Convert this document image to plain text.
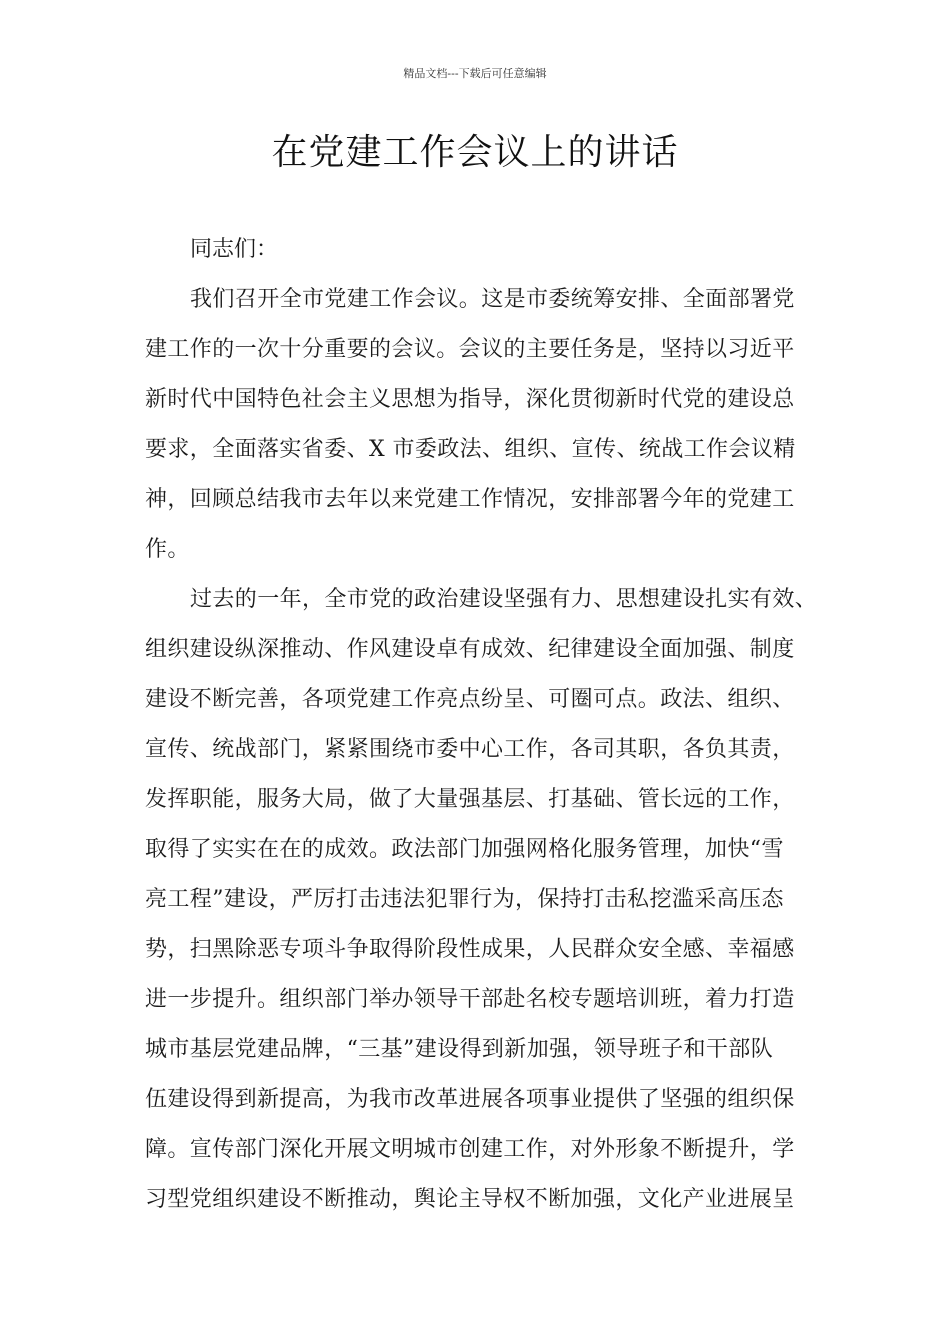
精品文档---下载后可任意编辑
在党建工作会议上的讲话
同志们：
我们召开全市党建工作会议。这是市委统筹安排、全面部署党
建工作的一次十分重要的会议。会议的主要任务是，坚持以习近平
新时代中国特色社会主义思想为指导，深化贯彻新时代党的建设总
要求，全面落实省委、X 市委政法、组织、宣传、统战工作会议精
神，回顾总结我市去年以来党建工作情况，安排部署今年的党建工
作。
过去的一年，全市党的政治建设坚强有力、思想建设扎实有效、
组织建设纵深推动、作风建设卓有成效、纪律建设全面加强、制度
建设不断完善，各项党建工作亮点纷呈、可圈可点。政法、组织、
宣传、统战部门，紧紧围绕市委中心工作，各司其职，各负其责，
发挥职能，服务大局，做了大量强基层、打基础、管长远的工作，
取得了实实在在的成效。政法部门加强网格化服务管理，加快“雪
亮工程”建设，严厉打击违法犯罪行为，保持打击私挖滥采高压态
势，扫黑除恶专项斗争取得阶段性成果，人民群众安全感、幸福感
进一步提升。组织部门举办领导干部赴名校专题培训班，着力打造
城市基层党建品牌，“三基”建设得到新加强，领导班子和干部队
伍建设得到新提高，为我市改革进展各项事业提供了坚强的组织保
障。宣传部门深化开展文明城市创建工作，对外形象不断提升，学
习型党组织建设不断推动，舆论主导权不断加强，文化产业进展呈
